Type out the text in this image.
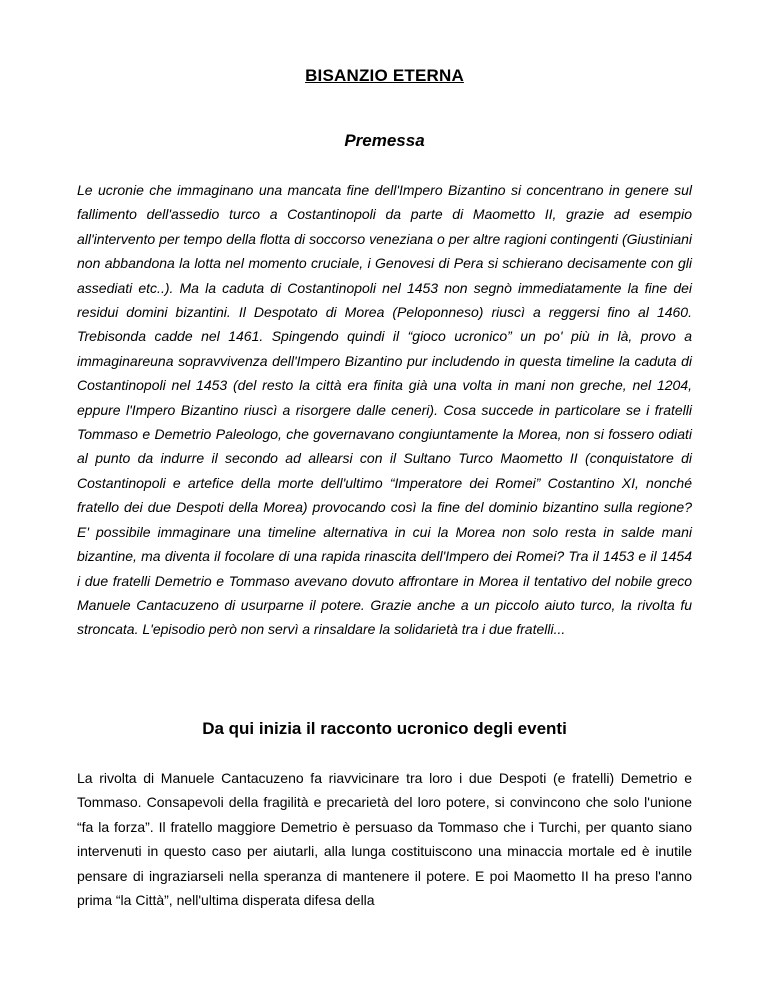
BISANZIO ETERNA
Premessa

Le ucronie che immaginano una mancata fine dell'Impero Bizantino si concentrano in genere sul fallimento dell'assedio turco a Costantinopoli da parte di Maometto II, grazie ad esempio all'intervento per tempo della flotta di soccorso veneziana o per altre ragioni contingenti (Giustiniani non abbandona la lotta nel momento cruciale, i Genovesi di Pera si schierano decisamente con gli assediati etc..). Ma la caduta di Costantinopoli nel 1453 non segnò immediatamente la fine dei residui domini bizantini. Il Despotato di Morea (Peloponneso) riuscì a reggersi fino al 1460. Trebisonda cadde nel 1461. Spingendo quindi il “gioco ucronico” un po' più in là, provo a immaginareuna sopravvivenza dell'Impero Bizantino pur includendo in questa timeline la caduta di Costantinopoli nel 1453 (del resto la città era finita già una volta in mani non greche, nel 1204, eppure l'Impero Bizantino riuscì a risorgere dalle ceneri). Cosa succede in particolare se i fratelli Tommaso e Demetrio Paleologo, che governavano congiuntamente la Morea, non si fossero odiati al punto da indurre il secondo ad allearsi con il Sultano Turco Maometto II (conquistatore di Costantinopoli e artefice della morte dell'ultimo “Imperatore dei Romei” Costantino XI, nonché fratello dei due Despoti della Morea) provocando così la fine del dominio bizantino sulla regione? E' possibile immaginare una timeline alternativa in cui la Morea non solo resta in salde mani bizantine, ma diventa il focolare di una rapida rinascita dell'Impero dei Romei? Tra il 1453 e il 1454 i due fratelli Demetrio e Tommaso avevano dovuto affrontare in Morea il tentativo del nobile greco Manuele Cantacuzeno di usurparne il potere. Grazie anche a un piccolo aiuto turco, la rivolta fu stroncata. L'episodio però non servì a rinsaldare la solidarietà tra i due fratelli...

Da qui inizia il racconto ucronico degli eventi

La rivolta di Manuele Cantacuzeno fa riavvicinare tra loro i due Despoti (e fratelli) Demetrio e Tommaso. Consapevoli della fragilità e precarietà del loro potere, si convincono che solo l'unione “fa la forza”. Il fratello maggiore Demetrio è persuaso da Tommaso che i Turchi, per quanto siano intervenuti in questo caso per aiutarli, alla lunga costituiscono una minaccia mortale ed è inutile pensare di ingraziarseli nella speranza di mantenere il potere. E poi Maometto II ha preso l'anno prima “la Città”, nell'ultima disperata difesa della
